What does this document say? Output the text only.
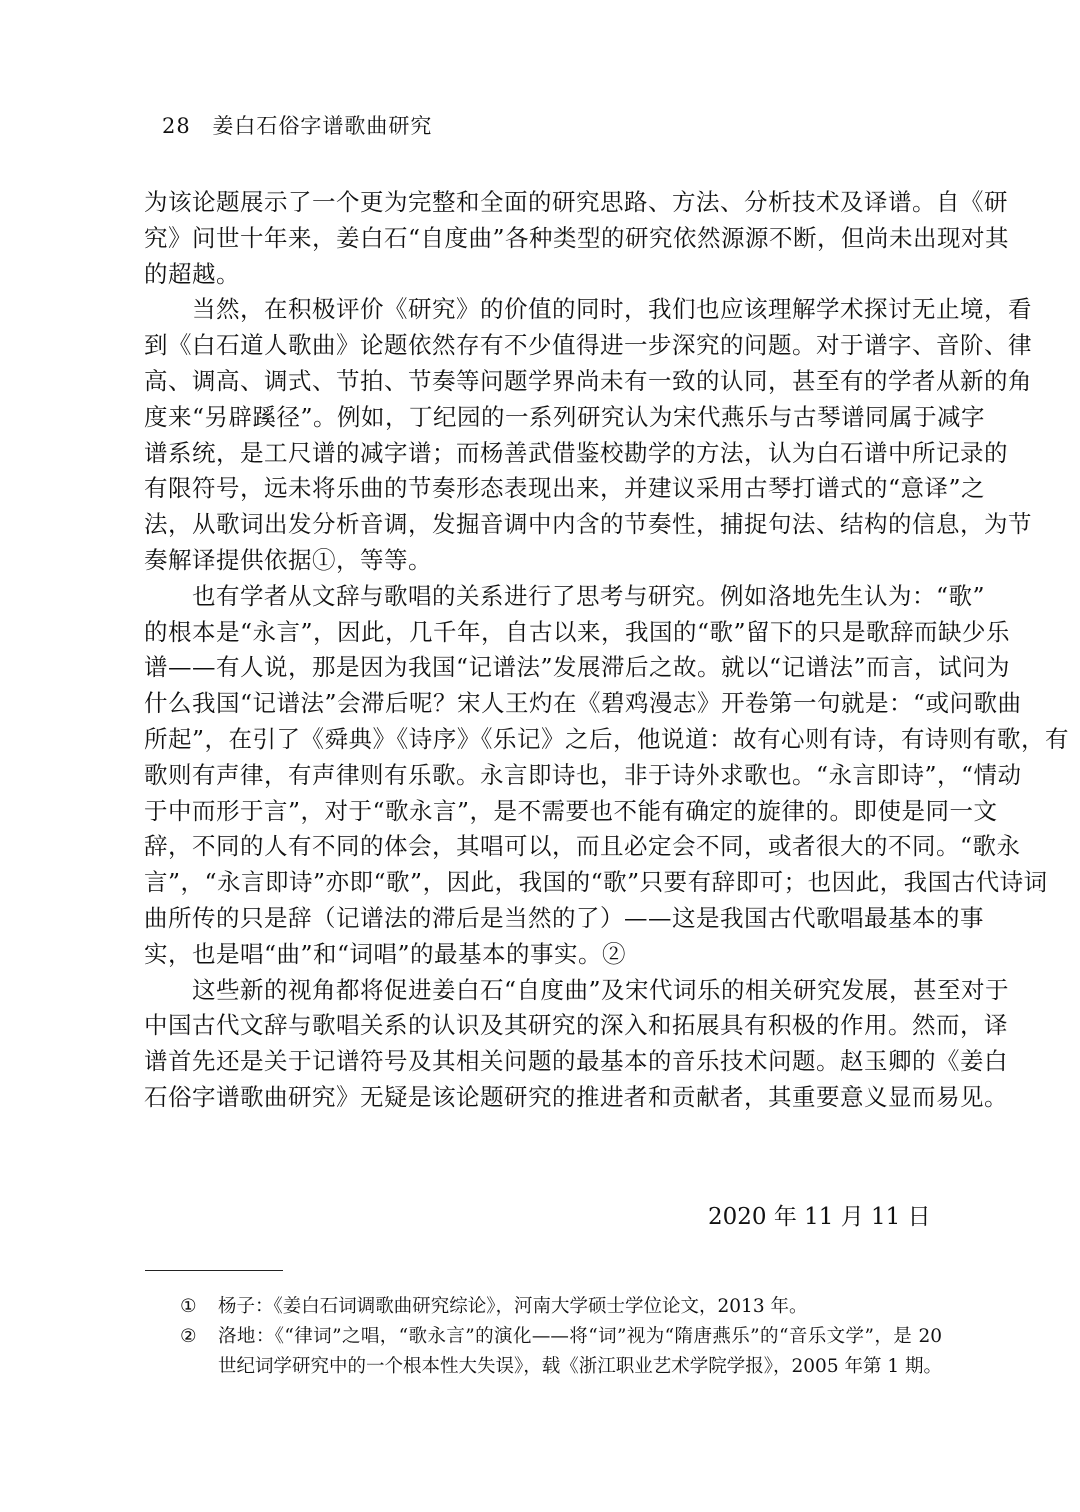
28 姜白石俗字谱歌曲研究
为该论题展示了一个更为完整和全面的研究思路、方法、分析技术及译谱。自《研
究》问世十年来，姜白石“自度曲”各种类型的研究依然源源不断，但尚未出现对其
的超越。
　　当然，在积极评价《研究》的价值的同时，我们也应该理解学术探讨无止境，看
到《白石道人歌曲》论题依然存有不少值得进一步深究的问题。对于谱字、音阶、律
高、调高、调式、节拍、节奏等问题学界尚未有一致的认同，甚至有的学者从新的角
度来“另辟蹊径”。例如，丁纪园的一系列研究认为宋代燕乐与古琴谱同属于减字
谱系统，是工尺谱的减字谱；而杨善武借鉴校勘学的方法，认为白石谱中所记录的
有限符号，远未将乐曲的节奏形态表现出来，并建议采用古琴打谱式的“意译”之
法，从歌词出发分析音调，发掘音调中内含的节奏性，捕捉句法、结构的信息，为节
奏解译提供依据①，等等。
　　也有学者从文辞与歌唱的关系进行了思考与研究。例如洛地先生认为：“歌”
的根本是“永言”，因此，几千年，自古以来，我国的“歌”留下的只是歌辞而缺少乐
谱——有人说，那是因为我国“记谱法”发展滞后之故。就以“记谱法”而言，试问为
什么我国“记谱法”会滞后呢？宋人王灼在《碧鸡漫志》开卷第一句就是：“或问歌曲
所起”，在引了《舜典》《诗序》《乐记》之后，他说道：故有心则有诗，有诗则有歌，有
歌则有声律，有声律则有乐歌。永言即诗也，非于诗外求歌也。“永言即诗”，“情动
于中而形于言”，对于“歌永言”，是不需要也不能有确定的旋律的。即使是同一文
辞，不同的人有不同的体会，其唱可以，而且必定会不同，或者很大的不同。“歌永
言”，“永言即诗”亦即“歌”，因此，我国的“歌”只要有辞即可；也因此，我国古代诗词
曲所传的只是辞（记谱法的滞后是当然的了）——这是我国古代歌唱最基本的事
实，也是唱“曲”和“词唱”的最基本的事实。②
　　这些新的视角都将促进姜白石“自度曲”及宋代词乐的相关研究发展，甚至对于
中国古代文辞与歌唱关系的认识及其研究的深入和拓展具有积极的作用。然而，译
谱首先还是关于记谱符号及其相关问题的最基本的音乐技术问题。赵玉卿的《姜白
石俗字谱歌曲研究》无疑是该论题研究的推进者和贡献者，其重要意义显而易见。
2020 年 11 月 11 日
①	杨子：《姜白石词调歌曲研究综论》，河南大学硕士学位论文，2013 年。
②	洛地：《“律词”之唱，“歌永言”的演化——将“词”视为“隋唐燕乐”的“音乐文学”，是 20
世纪词学研究中的一个根本性大失误》，载《浙江职业艺术学院学报》，2005 年第 1 期。
